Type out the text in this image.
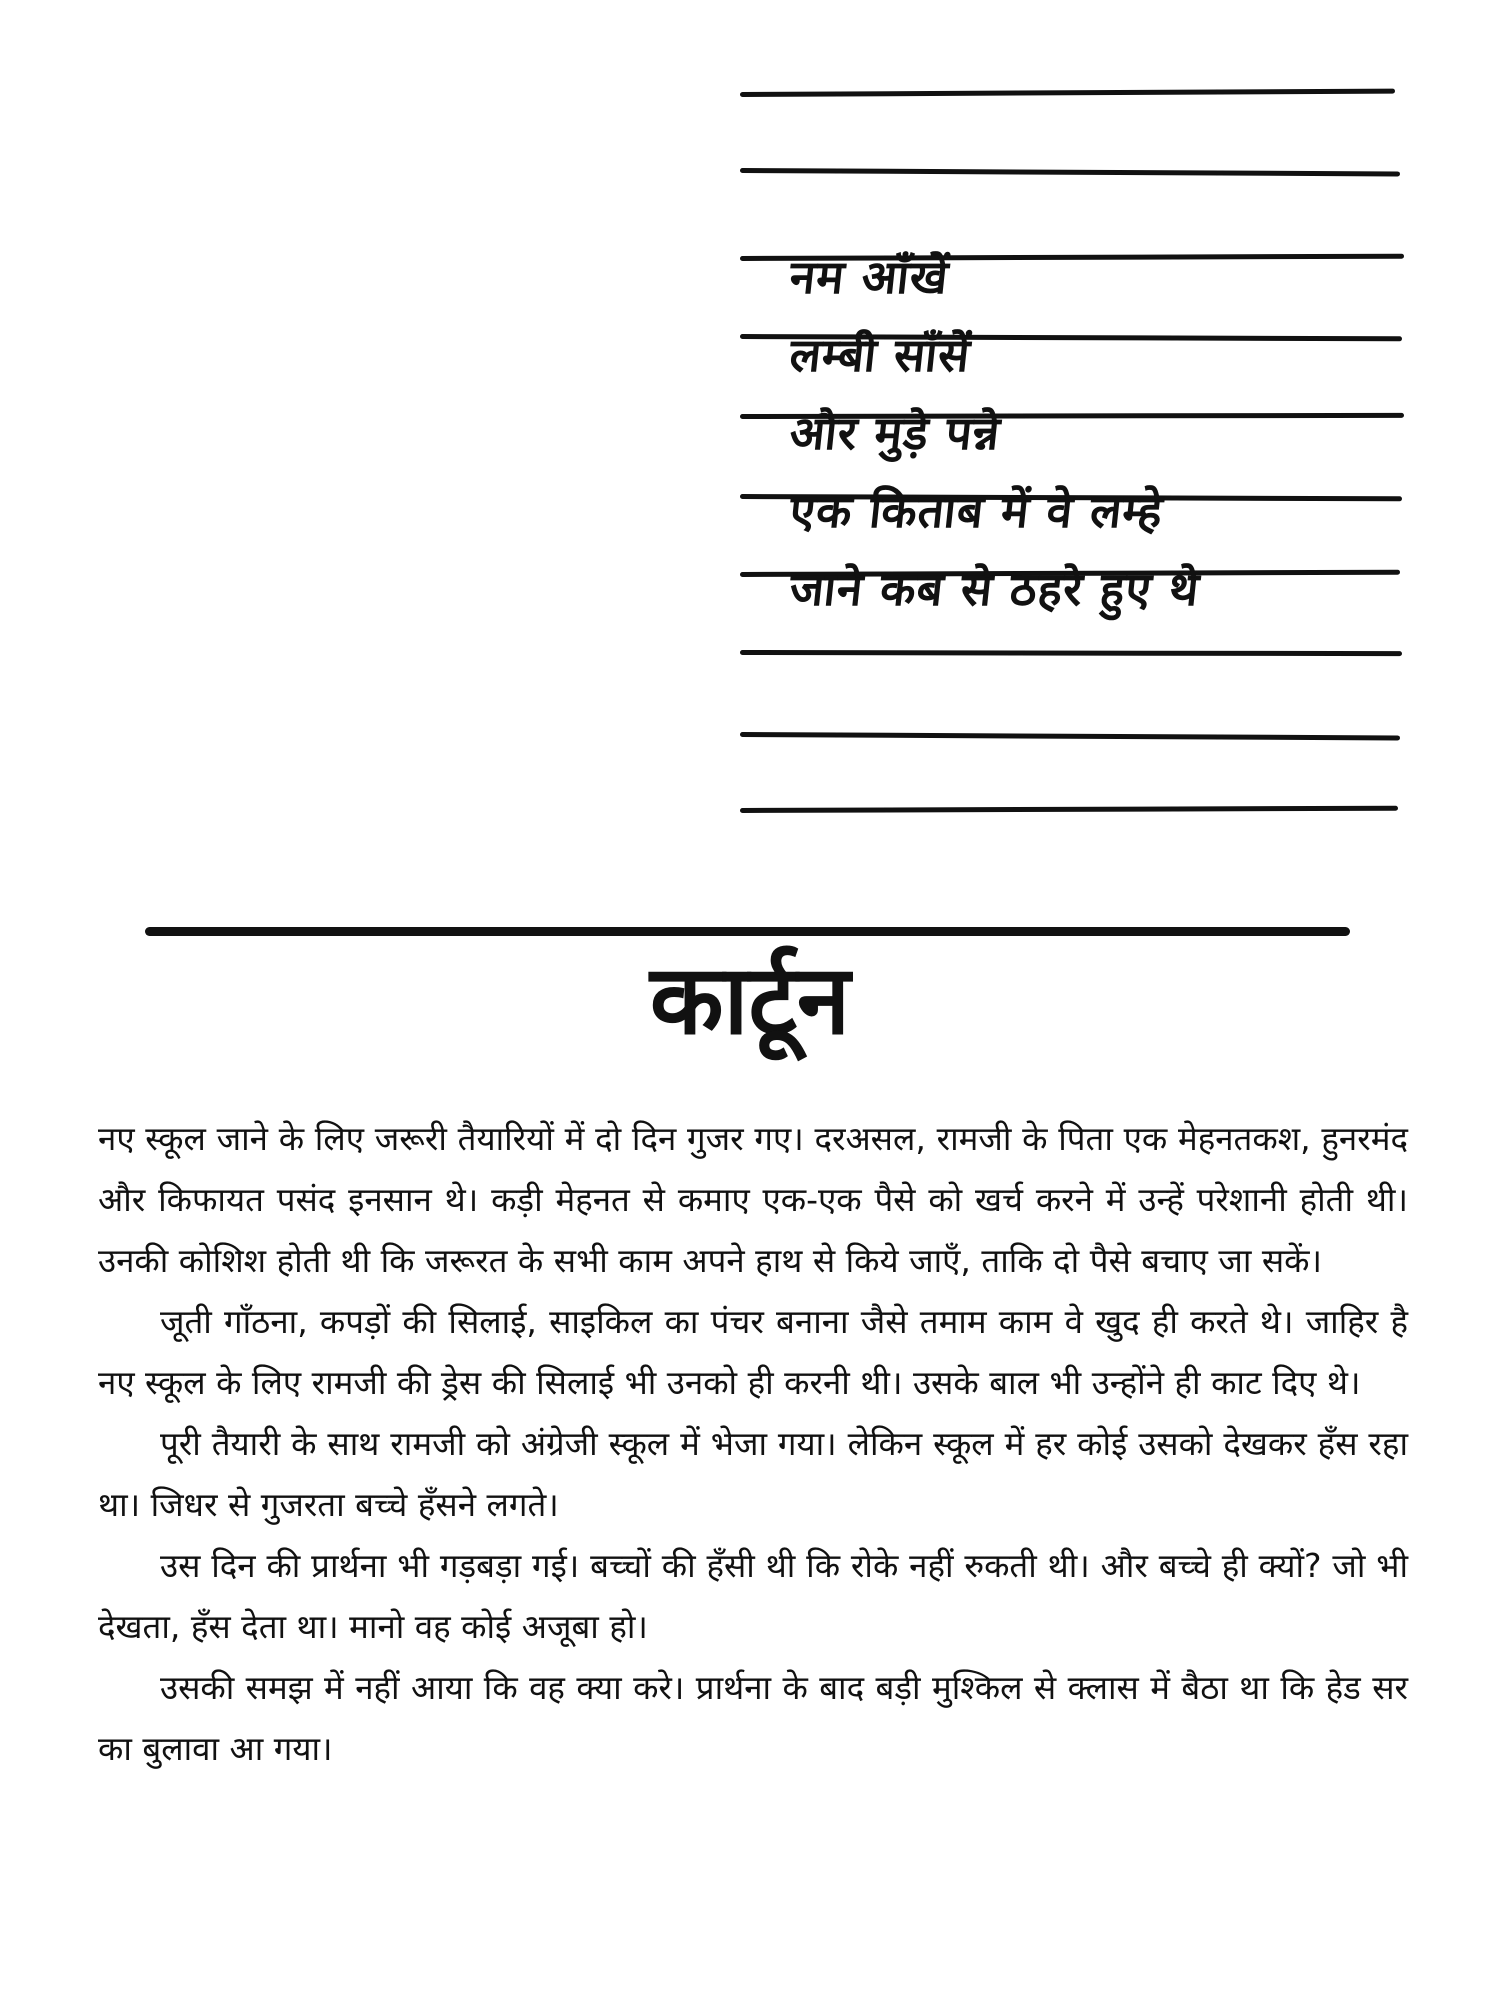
नम आँखें
लम्बी साँसें
और मुड़े पन्ने
एक किताब में वे लम्हे
जाने कब से ठहरे हुए थे
कार्टून

नए स्कूल जाने के लिए जरूरी तैयारियों में दो दिन गुजर गए। दरअसल, रामजी के पिता एक मेहनतकश, हुनरमंद और किफायत पसंद इनसान थे। कड़ी मेहनत से कमाए एक-एक पैसे को खर्च करने में उन्हें परेशानी होती थी। उनकी कोशिश होती थी कि जरूरत के सभी काम अपने हाथ से किये जाएँ, ताकि दो पैसे बचाए जा सकें।

जूती गाँठना, कपड़ों की सिलाई, साइकिल का पंचर बनाना जैसे तमाम काम वे खुद ही करते थे। जाहिर है नए स्कूल के लिए रामजी की ड्रेस की सिलाई भी उनको ही करनी थी। उसके बाल भी उन्होंने ही काट दिए थे।

पूरी तैयारी के साथ रामजी को अंग्रेजी स्कूल में भेजा गया। लेकिन स्कूल में हर कोई उसको देखकर हँस रहा था। जिधर से गुजरता बच्चे हँसने लगते।

उस दिन की प्रार्थना भी गड़बड़ा गई। बच्चों की हँसी थी कि रोके नहीं रुकती थी। और बच्चे ही क्यों? जो भी देखता, हँस देता था। मानो वह कोई अजूबा हो।

उसकी समझ में नहीं आया कि वह क्या करे। प्रार्थना के बाद बड़ी मुश्किल से क्लास में बैठा था कि हेड सर का बुलावा आ गया।
